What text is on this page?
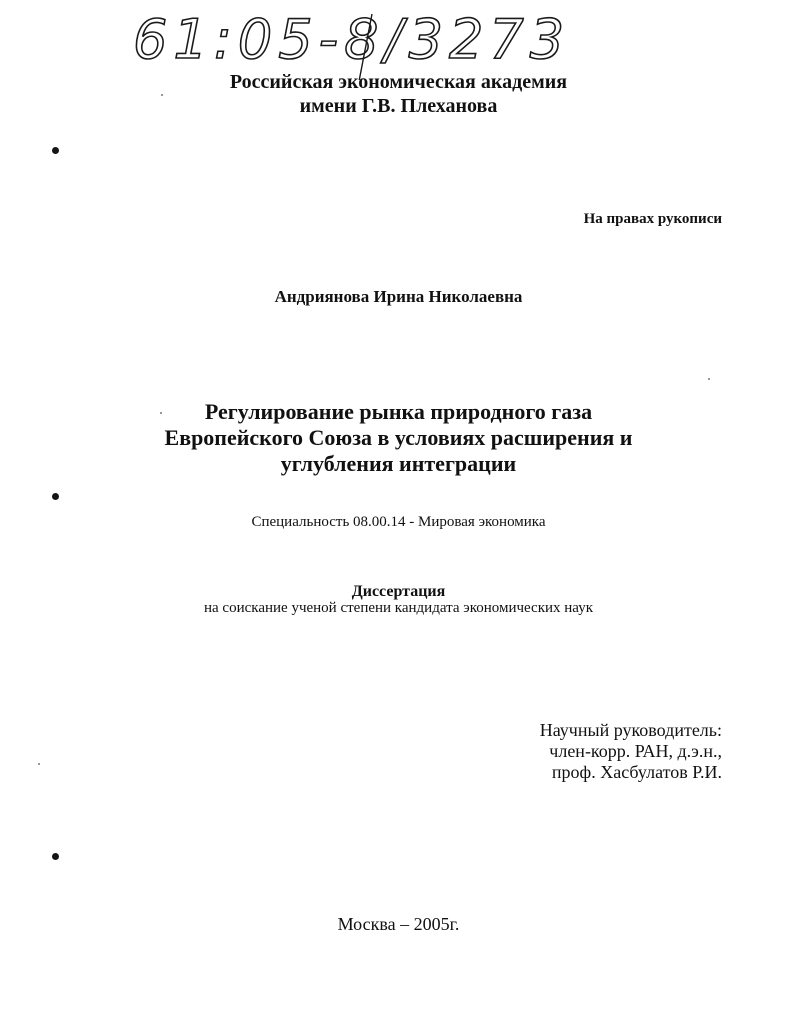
61:05-8/3273
Российская экономическая академия
имени Г.В. Плеханова
На правах рукописи
Андриянова Ирина Николаевна
Регулирование рынка природного газа
Европейского Союза в условиях расширения и
углубления интеграции
Специальность 08.00.14 - Мировая экономика
Диссертация
на соискание ученой степени кандидата экономических наук
Научный руководитель:
член-корр. РАН, д.э.н.,
проф. Хасбулатов Р.И.
Москва – 2005г.
